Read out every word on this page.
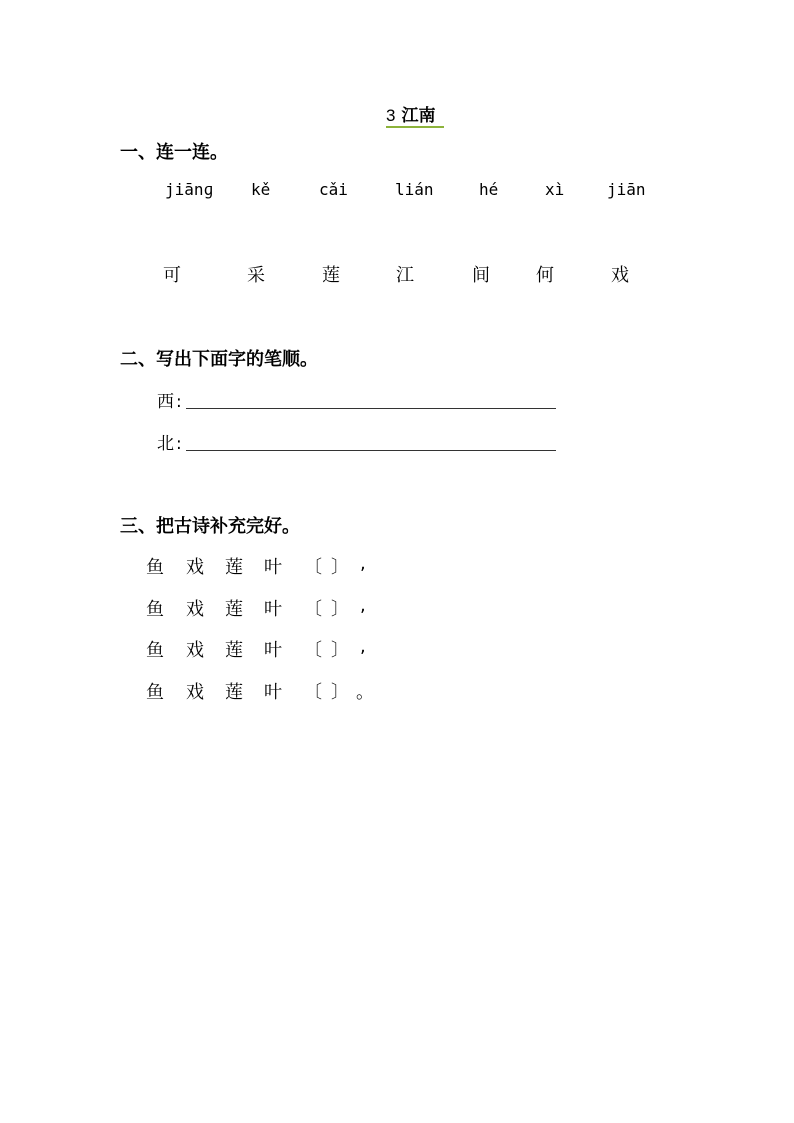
3 江南
一、连一连。
jiānɡ kě	cǎi	lián	hé	xì	jiān
可	采	莲	江	间	何	戏
二、写出下面字的笔顺。
西 :
北 :
三、把古诗补充完好。
鱼 戏 莲 叶 〔 〕 ,
鱼 戏 莲 叶 〔 〕 ,
鱼 戏 莲 叶 〔 〕 ,
鱼 戏 莲 叶 〔 〕 。
